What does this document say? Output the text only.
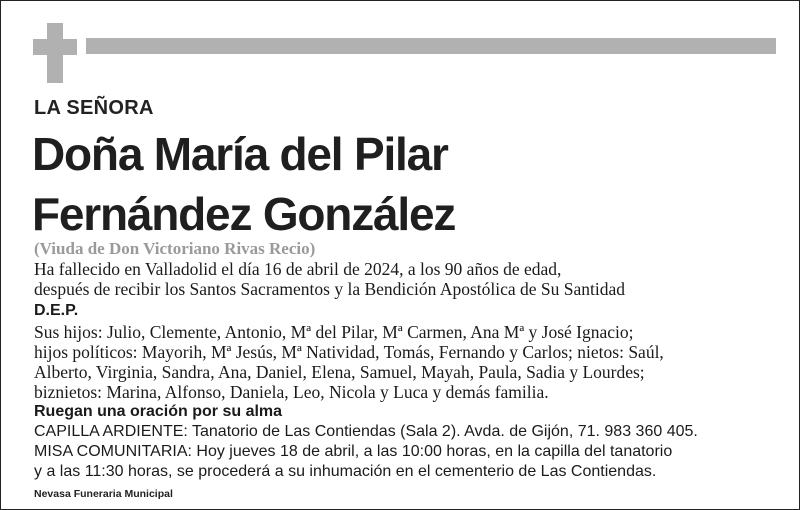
LA SEÑORA
Doña María del Pilar
Fernández González
(Viuda de Don Victoriano Rivas Recio)
Ha fallecido en Valladolid el día 16 de abril de 2024, a los 90 años de edad,
después de recibir los Santos Sacramentos y la Bendición Apostólica de Su Santidad
D.E.P.
Sus hijos: Julio, Clemente, Antonio, Mª del Pilar, Mª Carmen, Ana Mª y José Ignacio;
hijos políticos: Mayorih, Mª Jesús, Mª Natividad, Tomás, Fernando y Carlos; nietos: Saúl,
Alberto, Virginia, Sandra, Ana, Daniel, Elena, Samuel, Mayah, Paula, Sadia y Lourdes;
biznietos: Marina, Alfonso, Daniela, Leo, Nicola y Luca y demás familia.
Ruegan una oración por su alma
CAPILLA ARDIENTE: Tanatorio de Las Contiendas (Sala 2). Avda. de Gijón, 71. 983 360 405.
MISA COMUNITARIA: Hoy jueves 18 de abril, a las 10:00 horas, en la capilla del tanatorio
y a las 11:30 horas, se procederá a su inhumación en el cementerio de Las Contiendas.
Nevasa Funeraria Municipal
